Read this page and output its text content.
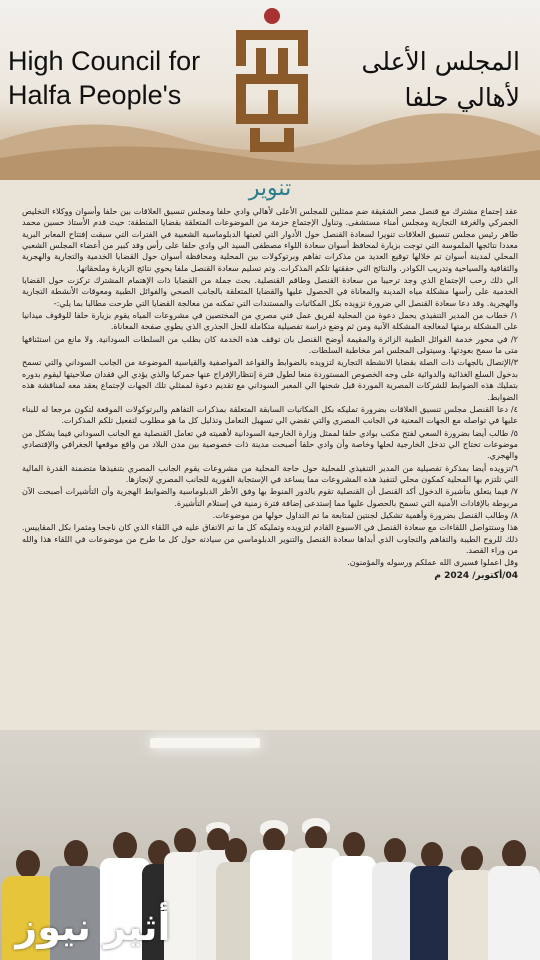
High Council for
Halfa People's
المجلس الأعلى
لأهالي حلفا
تنوير

عقد إجتماع مشترك مع قنصل مصر الشقيقة ضم ممثلين للمجلس الأعلى لأهالي وادي حلفا ومجلس تنسيق العلاقات بين حلفا وأسوان ووكلاء التخليص الجمركي والغرفة التجارية ومجلس أمناء مستشفى. وتناول الإجتماع حزمة من الموضوعات المتعلقة بقضايا المنطقة: حيث قدم الأستاذ حسين محمد طاهر رئيس مجلس تنسيق العلاقات تنويرا لسعادة القنصل حول الأدوار التي لعبتها الدبلوماسية الشعبية في الفترات التي سبقت إفتتاح المعابر البرية معددا نتائجها الملموسة التي توجت بزيارة لمحافظ أسوان سعادة اللواء مصطفى السيد الي وادي حلفا على رأس وفد كبير من أعضاء المجلس الشعبي المحلي لمدينة أسوان تم خلالها توقيع العديد من مذكرات تفاهم وبرتوكولات بين المحلية ومحافظة أسوان حول القضايا الخدمية والتجارية والهجرية والثقافية والسياحية وتدريب الكوادر. والنتائج التي حققتها تلكم المذكرات. وتم تسليم سعادة القنصل ملفا يحوي نتائج الزيارة وملحقاتها.

الي ذلك رحب الإجتماع الذي وجد ترحيبا من سعادة القنصل وطاقم القنصلية. بحث جملة من القضايا ذات الإهتمام المشترك تركزت حول القضايا الخدمية على رأسها مشكلة مياه المدينة والمعاناة في الحصول عليها والقضايا المتعلقة بالجانب الصحي والفوائل الطبية ومعوقات الأنشطة التجارية والهجرية. وقد دعا سعادة القنصل الي ضرورة تزويده بكل المكاتبات والمستندات التي تمكنه من معالجة القضايا التي طرحت مطالبا بما يلي:-

١/ خطاب من المدير التنفيذي يحمل دعوة من المحلية لفريق عمل فني مصري من المختصين في مشروعات المياه يقوم بزيارة حلفا للوقوف ميدانيا على المشكلة برمتها لمعالجة المشكلة الآنية ومن ثم وضع دراسة تفصيلية متكاملة للحل الجذري الذي يطوي صفحة المعاناة.

٢/ في محور خدمة الفوائل الطبية الزائرة والمقيمة أوضح القنصل بان توقف هذه الخدمة كان بطلب من السلطات السودانية. ولا مانع من استئنافها متى ما سمح بعودتها. وسيتولى المجلس امر مخاطبة السلطات.

٣/الإتصال بالجهات ذات الصلة بقضايا الانشطة التجارية لتزويده بالضوابط والقواعد المواصفية والقياسية الموضوعة من الجانب السوداني والتي تسمح بدخول السلع الغذائية والدوائية على وجه الخصوص المستوردة منعا لطول فترة إنتظارالإفراج عنها جمركيا والذي يؤدي الي فقدان صلاحيتها ليقوم بدوره بتمليك هذه الضوابط للشركات المصرية الموردة قبل شحنها الي المعبر السوداني مع تقديم دعوة لممثلي تلك الجهات لإجتماع يعقد معه لمناقشة هذه الضوابط.

٤/ دعا القنصل مجلس تنسيق العلاقات بضرورة تمليكه بكل المكاتبات السابقة المتعلقة بمذكرات التفاهم والبرتوكولات الموقعة لتكون مرجعا له للبناء عليها في تواصله مع الجهات المعنية في الجانب المصري والتي تقضي الي تسهيل التعامل وتذليل كل ما هو مطلوب لتفعيل تلكم المذكرات.

٥/ طالب أيضا بضرورة السعي لفتح مكتب بوادي حلفا لممثل وزارة الخارجية السودانية لأهميته في تعامل القنصلية مع الجانب السوداني فيما يشكل من موضوعات تحتاج الي تدخل الخارجية لحلها وخاصة وأن وادي حلفا أصبحت مدينة ذات خصوصية بين مدن البلاد من واقع موقعها الجغرافي والإقتصادي والهجري.

٦/تزويده أيضا بمذكرة تفصيلية من المدير التنفيذي للمحلية حول حاجة المحلية من مشروعات يقوم الجانب المصري بتنفيذها متضمنة القدرة المالية التي تلتزم بها المحلية كمكون محلي لتنفيذ هذه المشروعات مما يساعد في الإستجابة الفورية للجانب المصري لإنجازها.

٧/ فيما يتعلق بتأشيرة الدخول أكد القنصل أن القنصلية تقوم بالدور المنوط بها وفق الأطر الدبلوماسية والضوابط الهجرية وأن التأشيرات أصبحت الآن مربوطة بالإفادات الأمنية التي تسمح بالحصول عليها مما إستدعى إضافة فترة زمنية في إستلام التأشيرة.

٨/ وطالب القنصل بضرورة وأهمية تشكيل لجنتين لمتابعة ما تم التداول حولها من موضوعات.

هذا وستتواصل اللقاءات مع سعادة القنصل في الاسبوع القادم لتزويده وتمليكه كل ما تم الاتفاق عليه في اللقاء الذي كان ناجحا ومثمرا بكل المقاييس. ذلك للروح الطيبة والتفاهم والتجاوب الذي أبداها سعادة القنصل والتنوير الدبلوماسي من سيادته حول كل ما طرح من موضوعات في اللقاء هذا والله من وراء القصد.

وقل اعملوا فسيرى الله عملكم ورسوله والمؤمنون.

04/أكتوبر/ 2024 م

أثير نيوز
